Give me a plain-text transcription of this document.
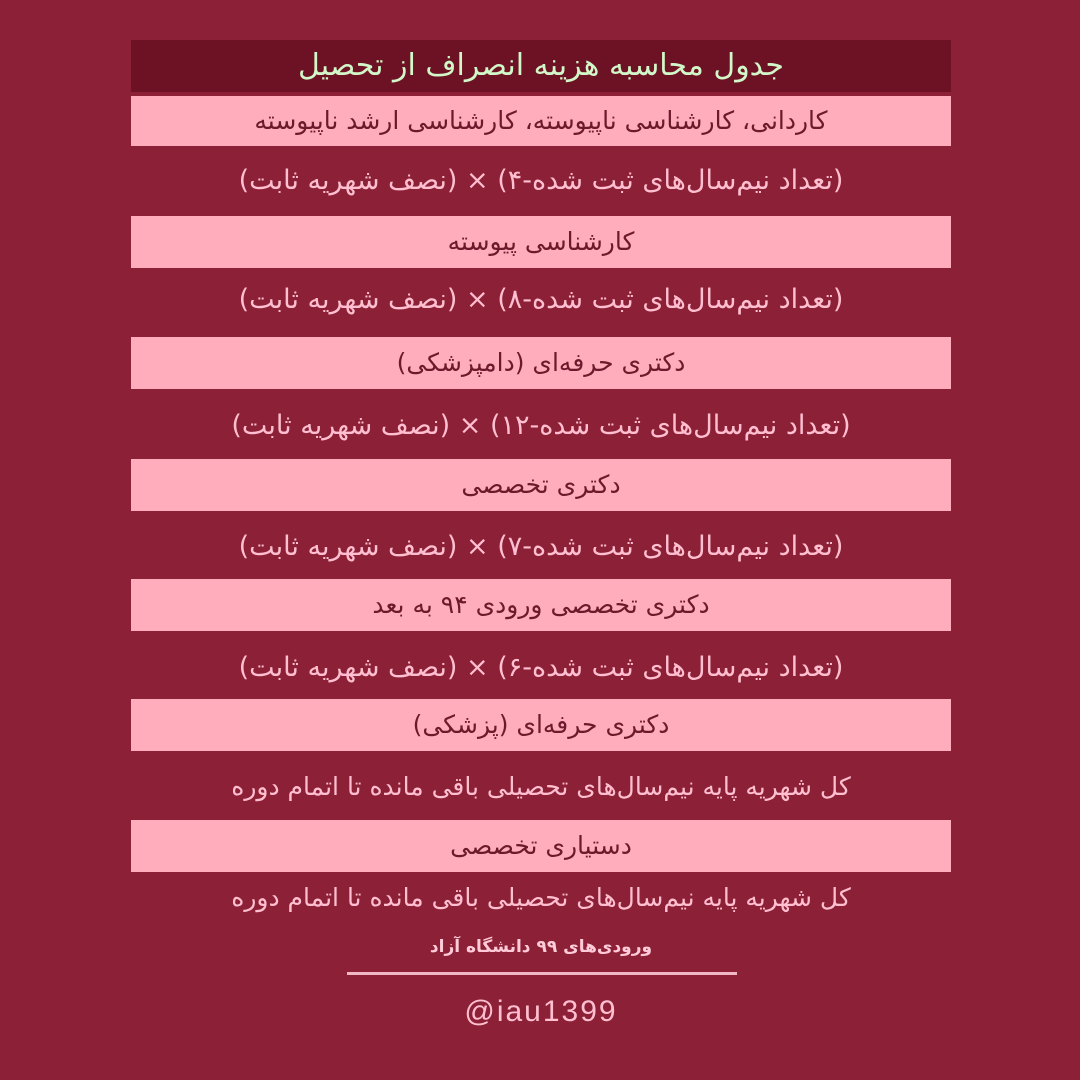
جدول محاسبه هزینه انصراف از تحصیل
کاردانی، کارشناسی ناپیوسته، کارشناسی ارشد ناپیوسته
(تعداد نیم‌سال‌های ثبت شده-۴) × (نصف شهریه ثابت)
کارشناسی پیوسته
(تعداد نیم‌سال‌های ثبت شده-۸) × (نصف شهریه ثابت)
دکتری حرفه‌ای (دامپزشکی)
(تعداد نیم‌سال‌های ثبت شده-۱۲) × (نصف شهریه ثابت)
دکتری تخصصی
(تعداد نیم‌سال‌های ثبت شده-۷) × (نصف شهریه ثابت)
دکتری تخصصی ورودی ۹۴ به بعد
(تعداد نیم‌سال‌های ثبت شده-۶) × (نصف شهریه ثابت)
دکتری حرفه‌ای (پزشکی)
کل شهریه پایه نیم‌سال‌های تحصیلی باقی مانده تا اتمام دوره
دستیاری تخصصی
کل شهریه پایه نیم‌سال‌های تحصیلی باقی مانده تا اتمام دوره
ورودی‌های ۹۹ دانشگاه آزاد
@iau1399
